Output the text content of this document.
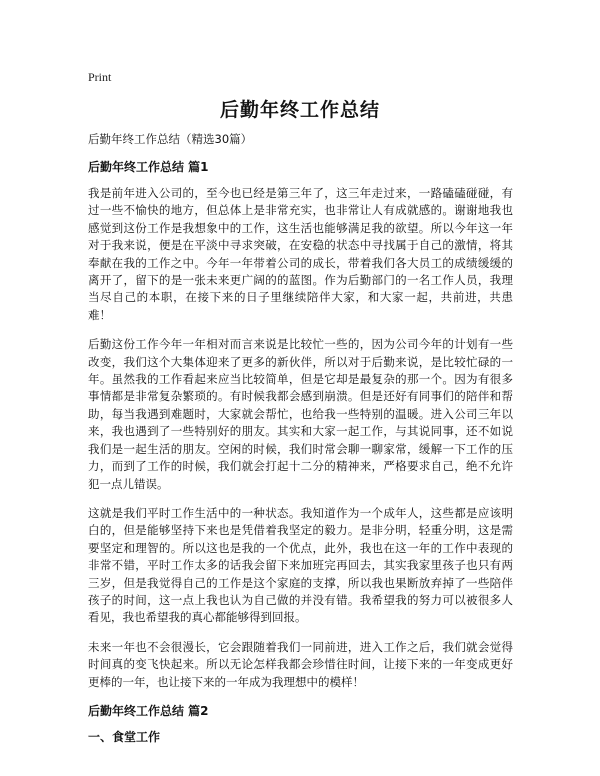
Print
后勤年终工作总结
后勤年终工作总结（精选30篇）
后勤年终工作总结 篇1

我是前年进入公司的，至今也已经是第三年了，这三年走过来，一路磕磕碰碰，有过一些不愉快的地方，但总体上是非常充实，也非常让人有成就感的。谢谢地我也感觉到这份工作是我想象中的工作，这生活也能够满足我的欲望。所以今年这一年对于我来说，便是在平淡中寻求突破，在安稳的状态中寻找属于自己的激情，将其奉献在我的工作之中。今年一年带着公司的成长，带着我们各大员工的成绩缓缓的离开了，留下的是一张未来更广阔的的蓝图。作为后勤部门的一名工作人员，我理当尽自己的本职，在接下来的日子里继续陪伴大家，和大家一起，共前进，共患难！

后勤这份工作今年一年相对而言来说是比较忙一些的，因为公司今年的计划有一些改变，我们这个大集体迎来了更多的新伙伴，所以对于后勤来说，是比较忙碌的一年。虽然我的工作看起来应当比较简单，但是它却是最复杂的那一个。因为有很多事情都是非常复杂繁琐的。有时候我都会感到崩溃。但是还好有同事们的陪伴和帮助，每当我遇到难题时，大家就会帮忙，也给我一些特别的温暖。进入公司三年以来，我也遇到了一些特别好的朋友。其实和大家一起工作，与其说同事，还不如说我们是一起生活的朋友。空闲的时候，我们时常会聊一聊家常，缓解一下工作的压力，而到了工作的时候，我们就会打起十二分的精神来，严格要求自己，绝不允许犯一点儿错误。

这就是我们平时工作生活中的一种状态。我知道作为一个成年人，这些都是应该明白的，但是能够坚持下来也是凭借着我坚定的毅力。是非分明，轻重分明，这是需要坚定和理智的。所以这也是我的一个优点，此外，我也在这一年的工作中表现的非常不错，平时工作太多的话我会留下来加班完再回去，其实我家里孩子也只有两三岁，但是我觉得自己的工作是这个家庭的支撑，所以我也果断放弃掉了一些陪伴孩子的时间，这一点上我也认为自己做的并没有错。我希望我的努力可以被很多人看见，我也希望我的真心都能够得到回报。

未来一年也不会很漫长，它会跟随着我们一同前进，进入工作之后，我们就会觉得时间真的变飞快起来。所以无论怎样我都会珍惜往时间，让接下来的一年变成更好更棒的一年，也让接下来的一年成为我理想中的模样！

后勤年终工作总结 篇2
一、食堂工作
